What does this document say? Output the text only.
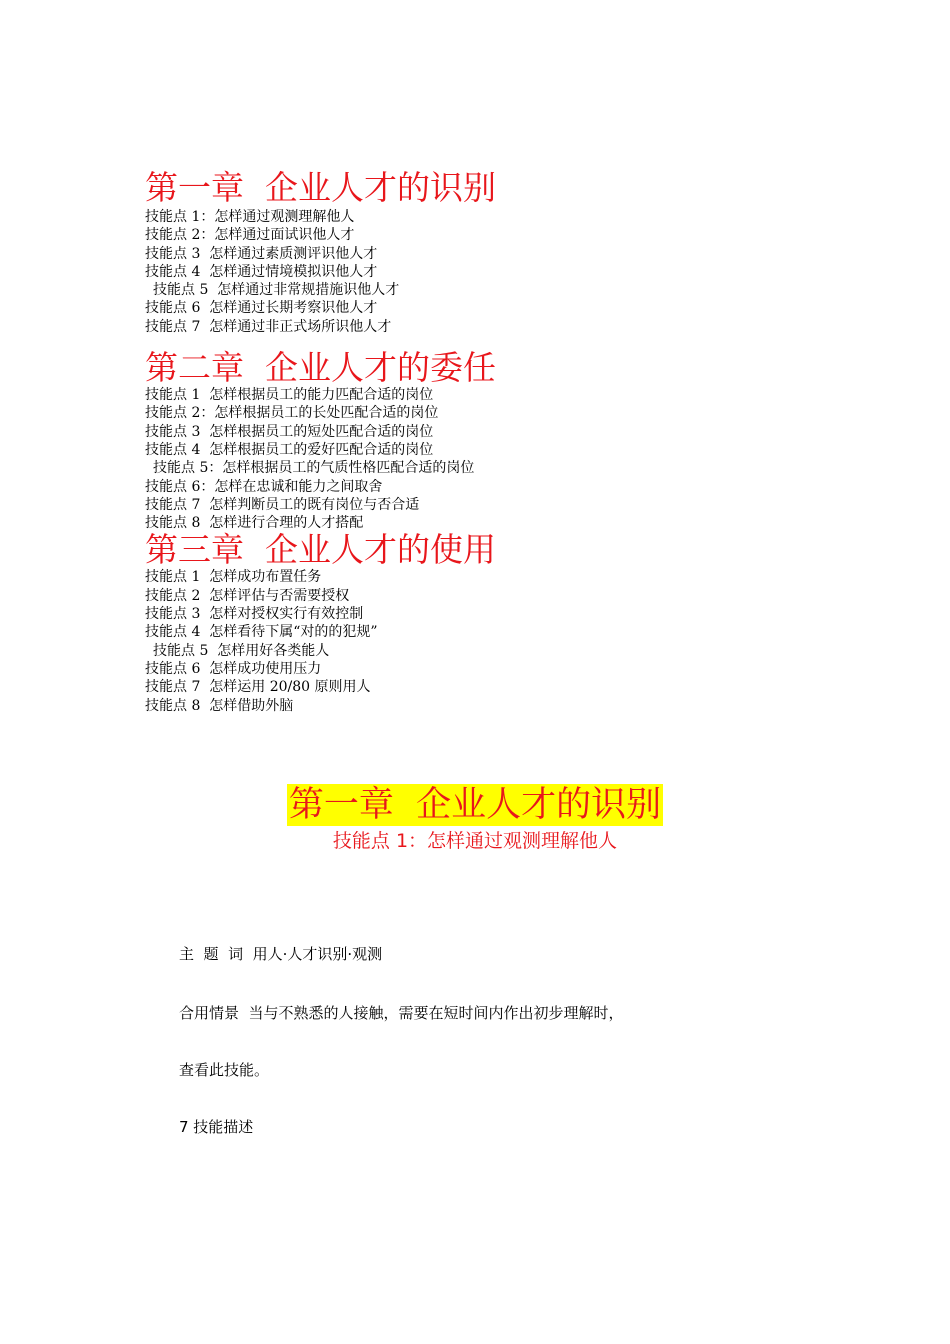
第一章  企业人才的识别
技能点 1：怎样通过观测理解他人
技能点 2：怎样通过面试识他人才
技能点 3  怎样通过素质测评识他人才
技能点 4  怎样通过情境模拟识他人才
技能点 5  怎样通过非常规措施识他人才
技能点 6  怎样通过长期考察识他人才
技能点 7  怎样通过非正式场所识他人才
第二章  企业人才的委任
技能点 1  怎样根据员工的能力匹配合适的岗位
技能点 2：怎样根据员工的长处匹配合适的岗位
技能点 3  怎样根据员工的短处匹配合适的岗位
技能点 4  怎样根据员工的爱好匹配合适的岗位
技能点 5：怎样根据员工的气质性格匹配合适的岗位
技能点 6：怎样在忠诚和能力之间取舍
技能点 7  怎样判断员工的既有岗位与否合适
技能点 8  怎样进行合理的人才搭配
第三章  企业人才的使用
技能点 1  怎样成功布置任务
技能点 2  怎样评估与否需要授权
技能点 3  怎样对授权实行有效控制
技能点 4  怎样看待下属“对的的犯规”
技能点 5  怎样用好各类能人
技能点 6  怎样成功使用压力
技能点 7  怎样运用 20/80 原则用人
技能点 8  怎样借助外脑
第一章  企业人才的识别
技能点 1：怎样通过观测理解他人
主  题  词  用人·人才识别·观测
合用情景  当与不熟悉的人接触，需要在短时间内作出初步理解时，
查看此技能。
7 技能描述
